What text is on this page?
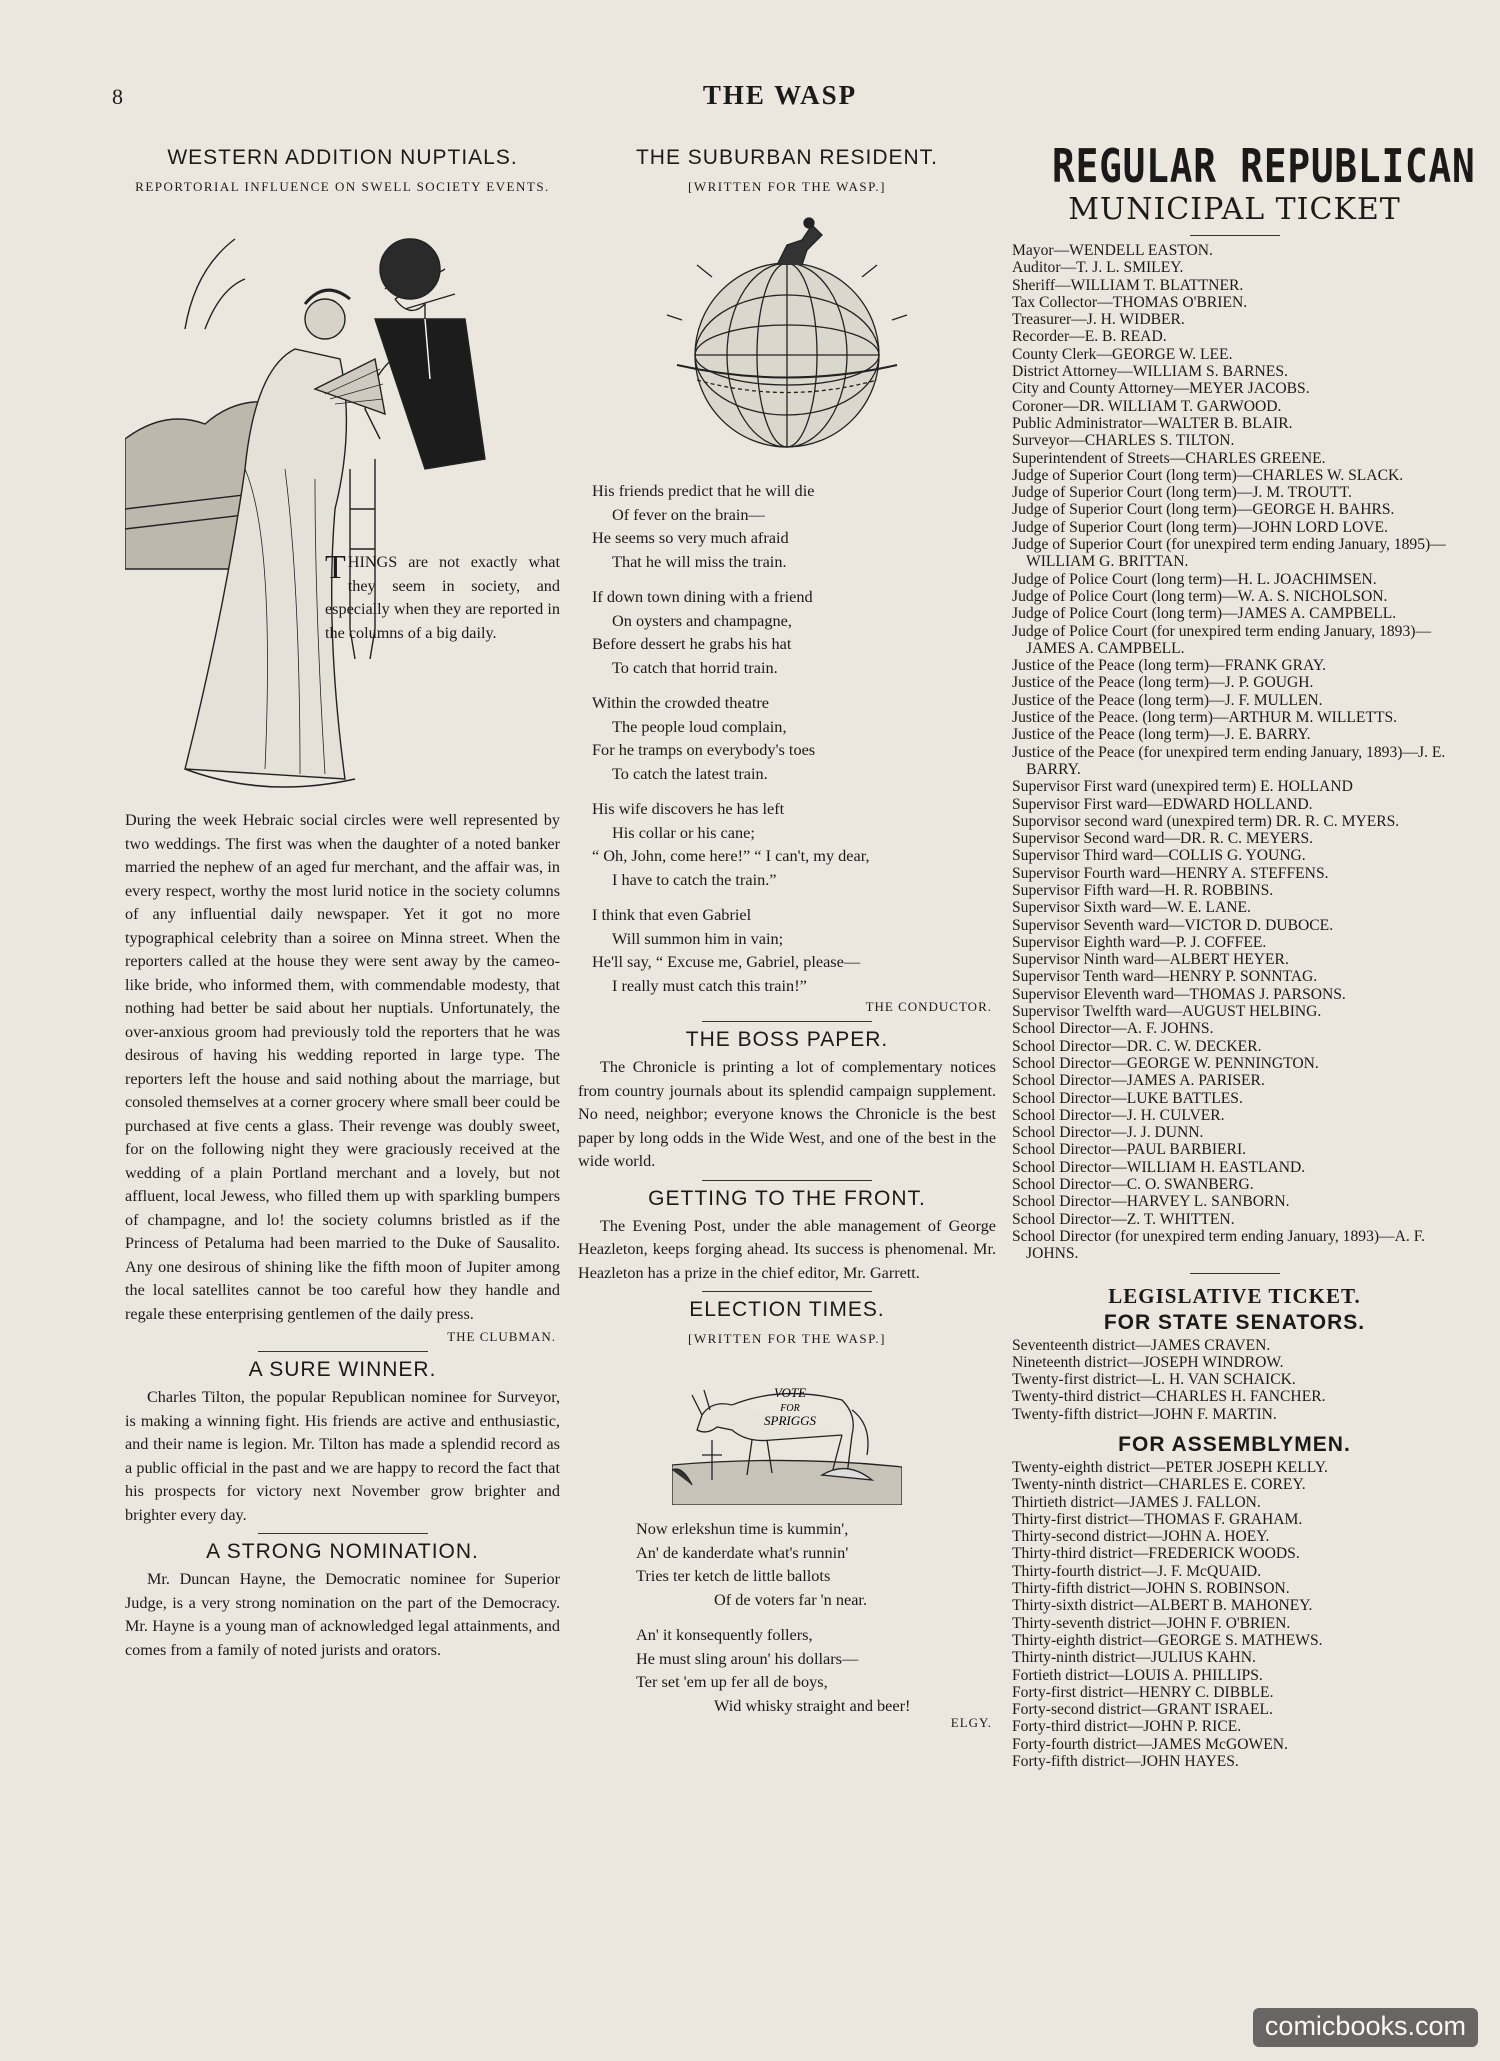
8	THE WASP
WESTERN ADDITION NUPTIALS.
REPORTORIAL INFLUENCE ON SWELL SOCIETY EVENTS.

THINGS are not exactly what they seem in society, and especially when they are reported in the columns of a big daily.

During the week Hebraic social circles were well represented by two weddings. The first was when the daughter of a noted banker married the nephew of an aged fur merchant, and the affair was, in every respect, worthy the most lurid notice in the society columns of any influential daily newspaper. Yet it got no more typographical celebrity than a soiree on Minna street. When the reporters called at the house they were sent away by the cameo-like bride, who informed them, with commendable modesty, that nothing had better be said about her nuptials. Unfortunately, the over-anxious groom had previously told the reporters that he was desirous of having his wedding reported in large type. The reporters left the house and said nothing about the marriage, but consoled themselves at a corner grocery where small beer could be purchased at five cents a glass. Their revenge was doubly sweet, for on the following night they were graciously received at the wedding of a plain Portland merchant and a lovely, but not affluent, local Jewess, who filled them up with sparkling bumpers of champagne, and lo! the society columns bristled as if the Princess of Petaluma had been married to the Duke of Sausalito. Any one desirous of shining like the fifth moon of Jupiter among the local satellites cannot be too careful how they handle and regale these enterprising gentlemen of the daily press.

THE CLUBMAN.
A SURE WINNER.

Charles Tilton, the popular Republican nominee for Surveyor, is making a winning fight. His friends are active and enthusiastic, and their name is legion. Mr. Tilton has made a splendid record as a public official in the past and we are happy to record the fact that his prospects for victory next November grow brighter and brighter every day.

A STRONG NOMINATION.

Mr. Duncan Hayne, the Democratic nominee for Superior Judge, is a very strong nomination on the part of the Democracy. Mr. Hayne is a young man of acknowledged legal attainments, and comes from a family of noted jurists and orators.

THE SUBURBAN RESIDENT.
[WRITTEN FOR THE WASP.]
His friends predict that he will die
Of fever on the brain—
He seems so very much afraid
That he will miss the train.
If down town dining with a friend
On oysters and champagne,
Before dessert he grabs his hat
To catch that horrid train.
Within the crowded theatre
The people loud complain,
For he tramps on everybody's toes
To catch the latest train.
His wife discovers he has left
His collar or his cane;
“ Oh, John, come here!” “ I can't, my dear,
I have to catch the train.”
I think that even Gabriel
Will summon him in vain;
He'll say, “ Excuse me, Gabriel, please—
I really must catch this train!”
THE CONDUCTOR.
THE BOSS PAPER.

The Chronicle is printing a lot of complementary notices from country journals about its splendid campaign supplement. No need, neighbor; everyone knows the Chronicle is the best paper by long odds in the Wide West, and one of the best in the wide world.

GETTING TO THE FRONT.

The Evening Post, under the able management of George Heazleton, keeps forging ahead. Its success is phenomenal. Mr. Heazleton has a prize in the chief editor, Mr. Garrett.

ELECTION TIMES.
[WRITTEN FOR THE WASP.]
VOTE
FOR
SPRIGGS
Now erlekshun time is kummin',
An' de kanderdate what's runnin'
Tries ter ketch de little ballots
Of de voters far 'n near.
An' it konsequently follers,
He must sling aroun' his dollars—
Ter set 'em up fer all de boys,
Wid whisky straight and beer!
ELGY.
REGULAR REPUBLICAN
MUNICIPAL TICKET
Mayor—WENDELL EASTON.
Auditor—T. J. L. SMILEY.
Sheriff—WILLIAM T. BLATTNER.
Tax Collector—THOMAS O'BRIEN.
Treasurer—J. H. WIDBER.
Recorder—E. B. READ.
County Clerk—GEORGE W. LEE.
District Attorney—WILLIAM S. BARNES.
City and County Attorney—MEYER JACOBS.
Coroner—DR. WILLIAM T. GARWOOD.
Public Administrator—WALTER B. BLAIR.
Surveyor—CHARLES S. TILTON.
Superintendent of Streets—CHARLES GREENE.
Judge of Superior Court (long term)—CHARLES W. SLACK.
Judge of Superior Court (long term)—J. M. TROUTT.
Judge of Superior Court (long term)—GEORGE H. BAHRS.
Judge of Superior Court (long term)—JOHN LORD LOVE.
Judge of Superior Court (for unexpired term ending January, 1895)—WILLIAM G. BRITTAN.
Judge of Police Court (long term)—H. L. JOACHIMSEN.
Judge of Police Court (long term)—W. A. S. NICHOLSON.
Judge of Police Court (long term)—JAMES A. CAMPBELL.
Judge of Police Court (for unexpired term ending January, 1893)—JAMES A. CAMPBELL.
Justice of the Peace (long term)—FRANK GRAY.
Justice of the Peace (long term)—J. P. GOUGH.
Justice of the Peace (long term)—J. F. MULLEN.
Justice of the Peace. (long term)—ARTHUR M. WILLETTS.
Justice of the Peace (long term)—J. E. BARRY.
Justice of the Peace (for unexpired term ending January, 1893)—J. E. BARRY.
Supervisor First ward (unexpired term) E. HOLLAND
Supervisor First ward—EDWARD HOLLAND.
Suporvisor second ward (unexpired term) DR. R. C. MYERS.
Supervisor Second ward—DR. R. C. MEYERS.
Supervisor Third ward—COLLIS G. YOUNG.
Supervisor Fourth ward—HENRY A. STEFFENS.
Supervisor Fifth ward—H. R. ROBBINS.
Supervisor Sixth ward—W. E. LANE.
Supervisor Seventh ward—VICTOR D. DUBOCE.
Supervisor Eighth ward—P. J. COFFEE.
Supervisor Ninth ward—ALBERT HEYER.
Supervisor Tenth ward—HENRY P. SONNTAG.
Supervisor Eleventh ward—THOMAS J. PARSONS.
Supervisor Twelfth ward—AUGUST HELBING.
School Director—A. F. JOHNS.
School Director—DR. C. W. DECKER.
School Director—GEORGE W. PENNINGTON.
School Director—JAMES A. PARISER.
School Director—LUKE BATTLES.
School Director—J. H. CULVER.
School Director—J. J. DUNN.
School Director—PAUL BARBIERI.
School Director—WILLIAM H. EASTLAND.
School Director—C. O. SWANBERG.
School Director—HARVEY L. SANBORN.
School Director—Z. T. WHITTEN.
School Director (for unexpired term ending January, 1893)—A. F. JOHNS.
LEGISLATIVE TICKET.
FOR STATE SENATORS.
Seventeenth district—JAMES CRAVEN.
Nineteenth district—JOSEPH WINDROW.
Twenty-first district—L. H. VAN SCHAICK.
Twenty-third district—CHARLES H. FANCHER.
Twenty-fifth district—JOHN F. MARTIN.
FOR ASSEMBLYMEN.
Twenty-eighth district—PETER JOSEPH KELLY.
Twenty-ninth district—CHARLES E. COREY.
Thirtieth district—JAMES J. FALLON.
Thirty-first district—THOMAS F. GRAHAM.
Thirty-second district—JOHN A. HOEY.
Thirty-third district—FREDERICK WOODS.
Thirty-fourth district—J. F. McQUAID.
Thirty-fifth district—JOHN S. ROBINSON.
Thirty-sixth district—ALBERT B. MAHONEY.
Thirty-seventh district—JOHN F. O'BRIEN.
Thirty-eighth district—GEORGE S. MATHEWS.
Thirty-ninth district—JULIUS KAHN.
Fortieth district—LOUIS A. PHILLIPS.
Forty-first district—HENRY C. DIBBLE.
Forty-second district—GRANT ISRAEL.
Forty-third district—JOHN P. RICE.
Forty-fourth district—JAMES McGOWEN.
Forty-fifth district—JOHN HAYES.
comicbooks.com
